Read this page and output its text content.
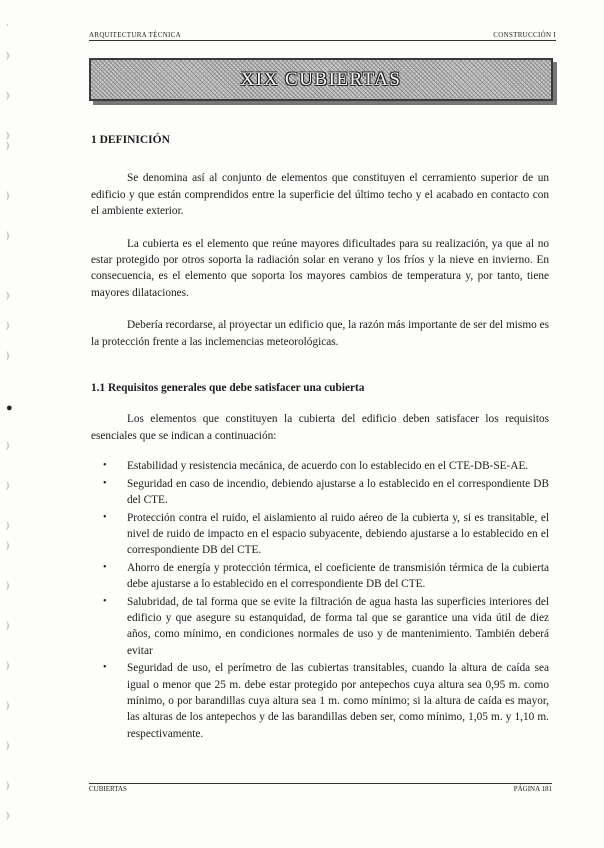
·
)
)
)
)
)
)
)
)
)
●
)
)
)
)
)
)
)
)
)
)
)
ARQUITECTURA TÉCNICA	CONSTRUCCIÓN I
XIX CUBIERTAS
1 DEFINICIÓN

Se denomina así al conjunto de elementos que constituyen el cerramiento superior de un edificio y que están comprendidos entre la superficie del último techo y el acabado en contacto con el ambiente exterior.

La cubierta es el elemento que reúne mayores dificultades para su realización, ya que al no estar protegido por otros soporta la radiación solar en verano y los fríos y la nieve en invierno. En consecuencia, es el elemento que soporta los mayores cambios de temperatura y, por tanto, tiene mayores dilataciones.

Debería recordarse, al proyectar un edificio que, la razón más importante de ser del mismo es la protección frente a las inclemencias meteorológicas.

1.1 Requisitos generales que debe satisfacer una cubierta

Los elementos que constituyen la cubierta del edificio deben satisfacer los requisitos esenciales que se indican a continuación:

• Estabilidad y resistencia mecánica, de acuerdo con lo establecido en el CTE-DB-SE-AE.
• Seguridad en caso de incendio, debiendo ajustarse a lo establecido en el correspondiente DB del CTE.
• Protección contra el ruido, el aislamiento al ruido aéreo de la cubierta y, si es transitable, el nivel de ruido de impacto en el espacio subyacente, debiendo ajustarse a lo establecido en el correspondiente DB del CTE.
• Ahorro de energía y protección térmica, el coeficiente de transmisión térmica de la cubierta debe ajustarse a lo establecido en el correspondiente DB del CTE.
• Salubridad, de tal forma que se evite la filtración de agua hasta las superficies interiores del edificio y que asegure su estanquidad, de forma tal que se garantice una vida útil de diez años, como mínimo, en condiciones normales de uso y de mantenimiento. También deberá evitar
• Seguridad de uso, el perímetro de las cubiertas transitables, cuando la altura de caída sea igual o menor que 25 m. debe estar protegido por antepechos cuya altura sea 0,95 m. como mínimo, o por barandillas cuya altura sea 1 m. como mínimo; si la altura de caída es mayor, las alturas de los antepechos y de las barandillas deben ser, como mínimo, 1,05 m. y 1,10 m. respectivamente.
CUBIERTAS	PÁGINA 181
